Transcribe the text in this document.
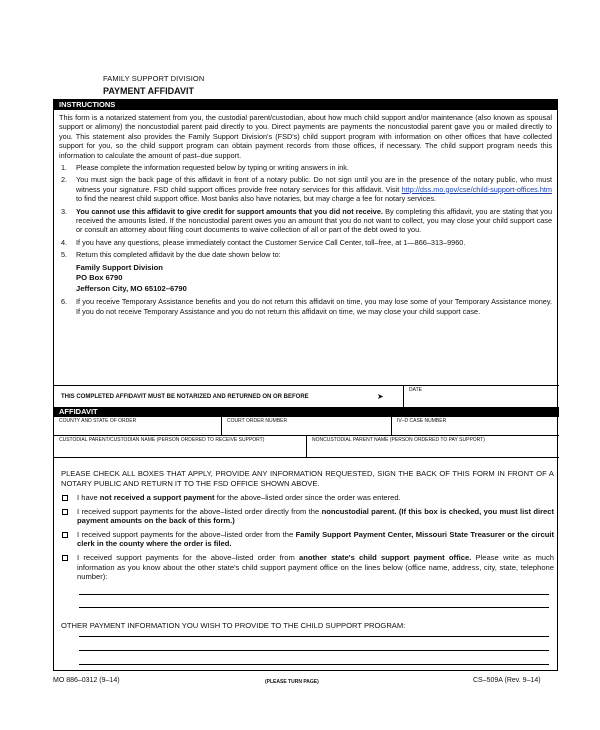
FAMILY SUPPORT DIVISION
PAYMENT AFFIDAVIT
INSTRUCTIONS
This form is a notarized statement from you, the custodial parent/custodian, about how much child support and/or maintenance (also known as spousal support or alimony) the noncustodial parent paid directly to you. Direct payments are payments the noncustodial parent gave you or mailed directly to you. This statement also provides the Family Support Division's (FSD's) child support program with information on other offices that have collected support for you, so the child support program can obtain payment records from those offices, if necessary. The child support program needs this information to calculate the amount of past–due support.
1.	Please complete the information requested below by typing or writing answers in ink.
2.	You must sign the back page of this affidavit in front of a notary public. Do not sign until you are in the presence of the notary public, who must witness your signature. FSD child support offices provide free notary services for this affidavit. Visit http://dss.mo.gov/cse/child-support-offices.htm to find the nearest child support office. Most banks also have notaries, but may charge a fee for notary services.
3.	You cannot use this affidavit to give credit for support amounts that you did not receive. By completing this affidavit, you are stating that you received the amounts listed. If the noncustodial parent owes you an amount that you do not want to collect, you may close your child support case or consult an attorney about filing court documents to waive collection of all or part of the debt owed to you.
4.	If you have any questions, please immediately contact the Customer Service Call Center, toll–free, at 1—866–313–9960.
5.	Return this completed affidavit by the due date shown below to:
Family Support Division
PO Box 6790
Jefferson City, MO 65102–6790
6.	If you receive Temporary Assistance benefits and you do not return this affidavit on time, you may lose some of your Temporary Assistance money. If you do not receive Temporary Assistance and you do not return this affidavit on time, we may close your child support case.
THIS COMPLETED AFFIDAVIT MUST BE NOTARIZED AND RETURNED ON OR BEFORE	➤
DATE
AFFIDAVIT
COUNTY AND STATE OF ORDER	COURT ORDER NUMBER	IV–D CASE NUMBER
CUSTODIAL PARENT/CUSTODIAN NAME (PERSON ORDERED TO RECEIVE SUPPORT)	NONCUSTODIAL PARENT NAME (PERSON ORDERED TO PAY SUPPORT)
PLEASE CHECK ALL BOXES THAT APPLY, PROVIDE ANY INFORMATION REQUESTED, SIGN THE BACK OF THIS FORM IN FRONT OF A NOTARY PUBLIC AND RETURN IT TO THE FSD OFFICE SHOWN ABOVE.
I have not received a support payment for the above–listed order since the order was entered.
I received support payments for the above–listed order directly from the noncustodial parent. (If this box is checked, you must list direct payment amounts on the back of this form.)
I received support payments for the above–listed order from the Family Support Payment Center, Missouri State Treasurer or the circuit clerk in the county where the order is filed.
I received support payments for the above–listed order from another state's child support payment office. Please write as much information as you know about the other state's child support payment office on the lines below (office name, address, city, state, telephone number):
OTHER PAYMENT INFORMATION YOU WISH TO PROVIDE TO THE CHILD SUPPORT PROGRAM:
MO 886–0312 (9–14)	(PLEASE TURN PAGE)	CS–509A (Rev. 9–14)
